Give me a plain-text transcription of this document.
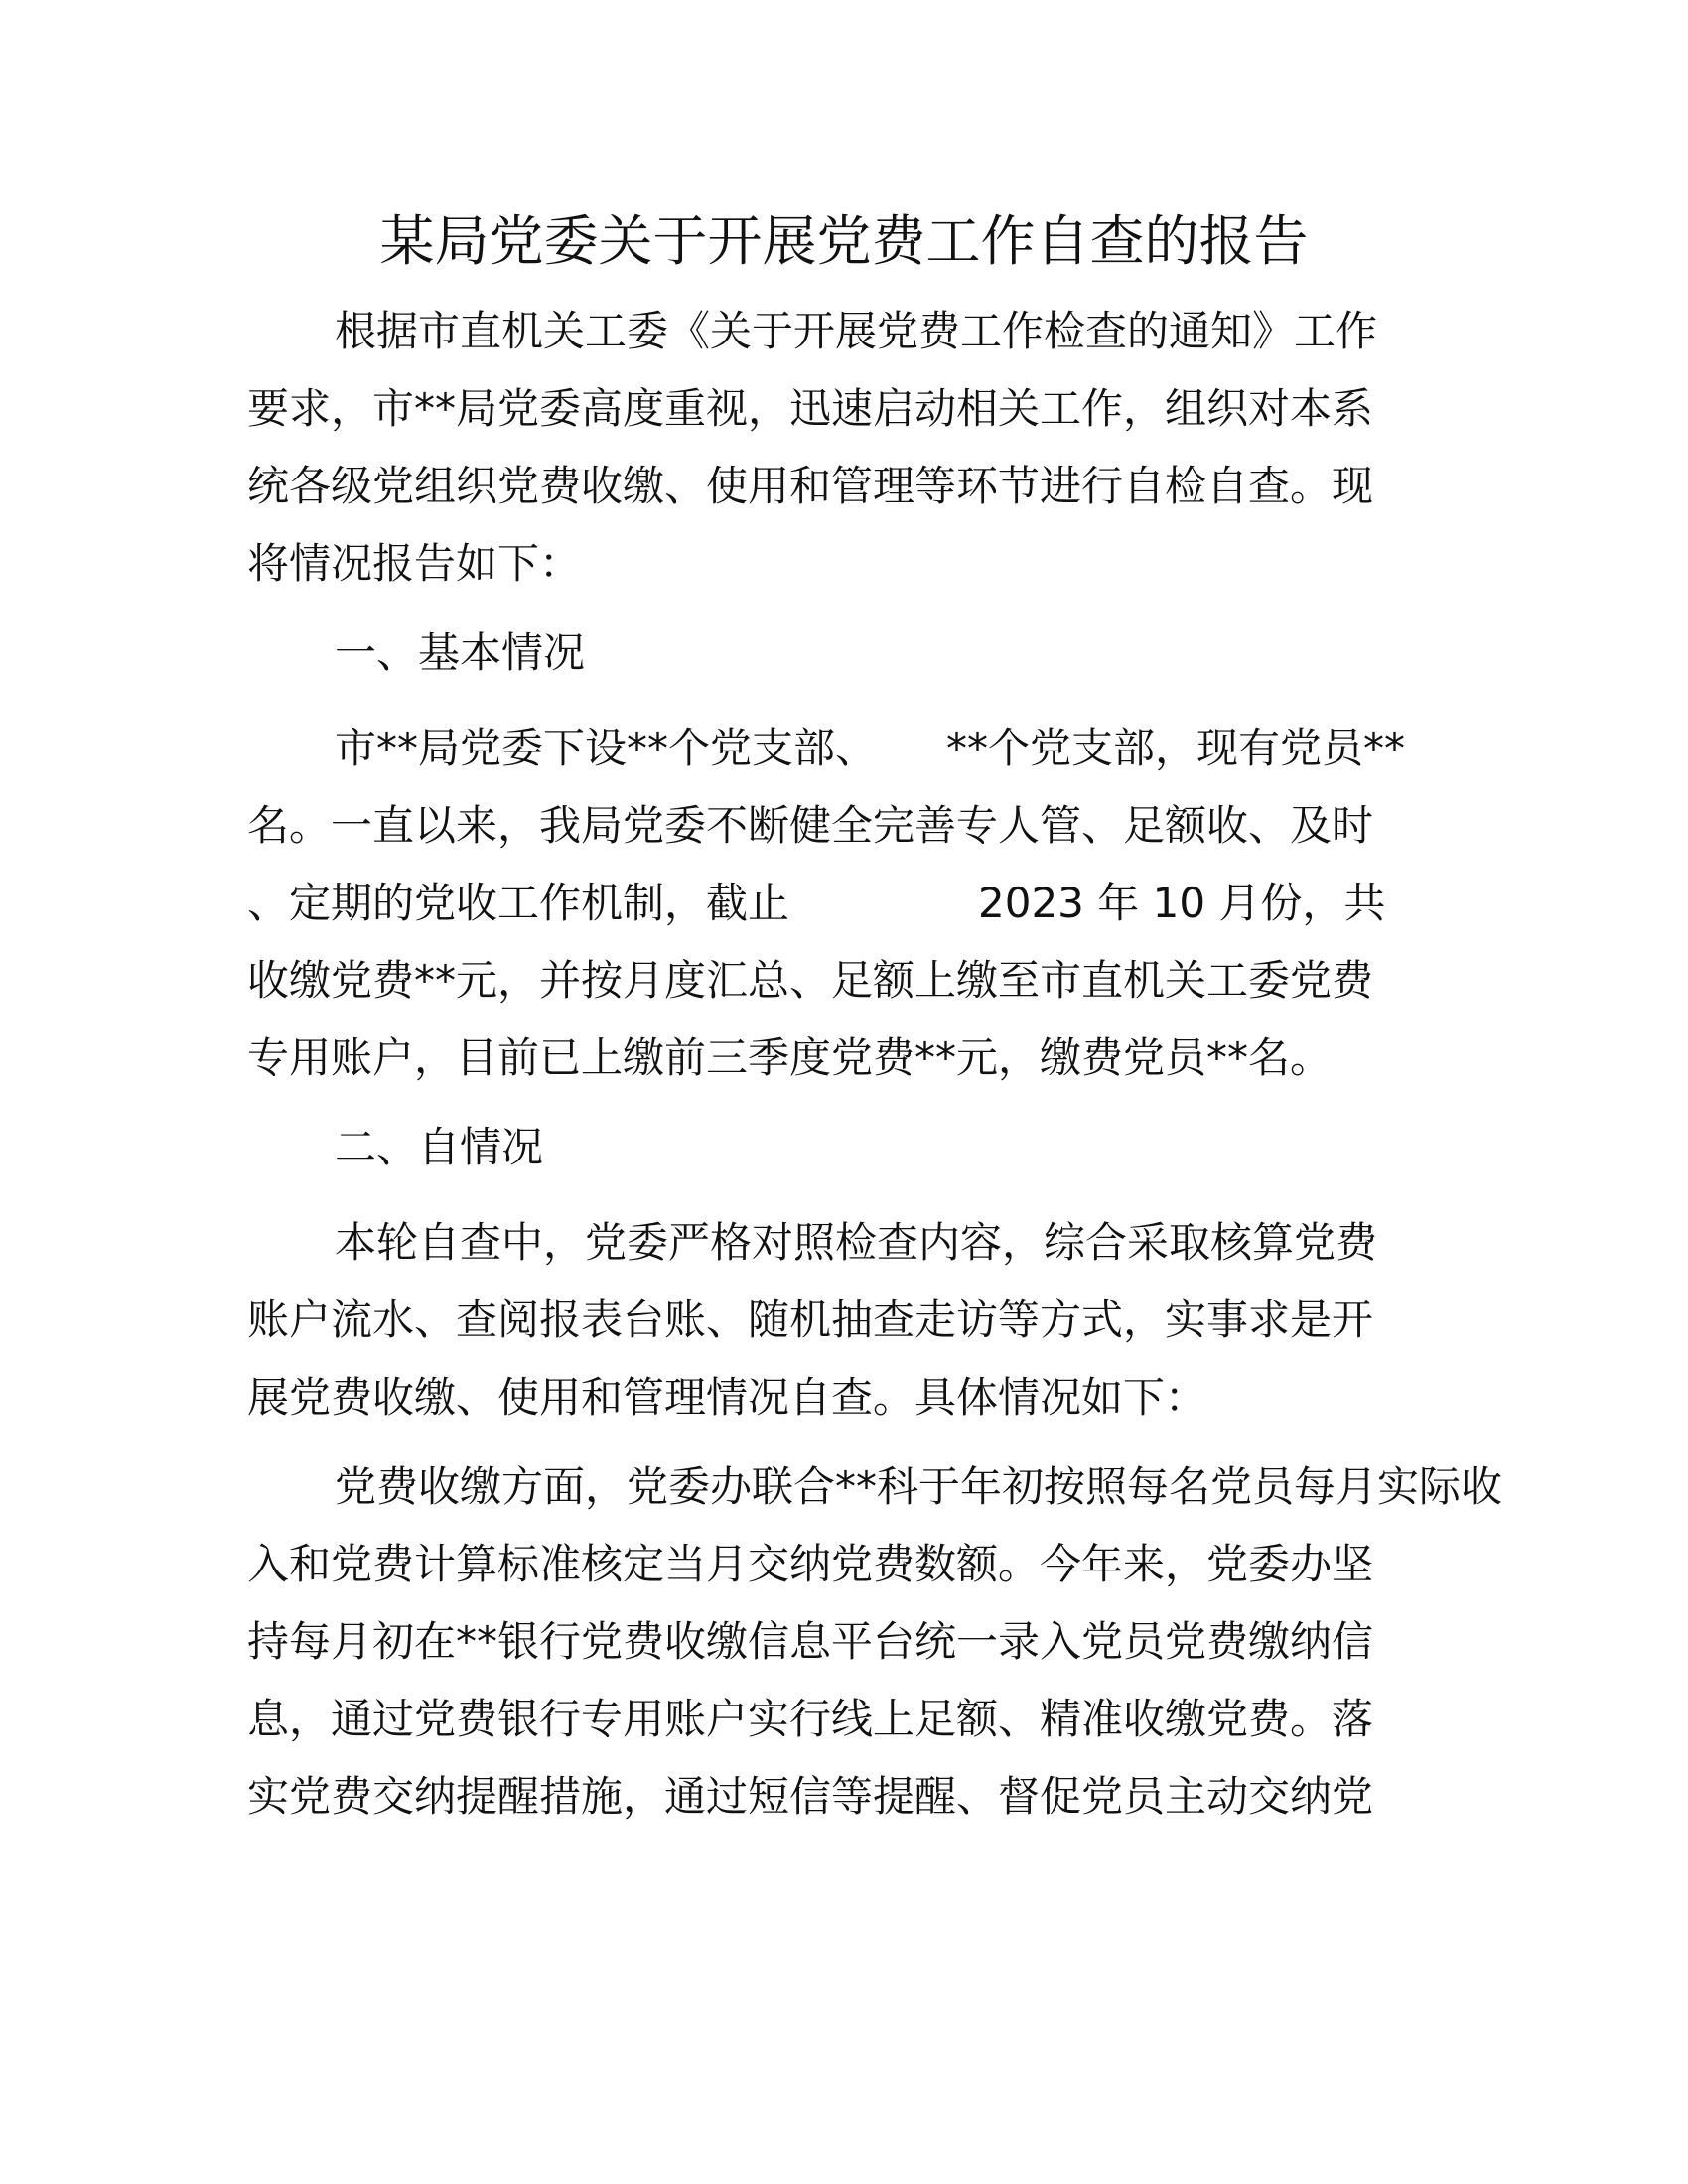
某局党委关于开展党费工作自查的报告
根据市直机关工委《关于开展党费工作检查的通知》工作
要求，市**局党委高度重视，迅速启动相关工作，组织对本系
统各级党组织党费收缴、使用和管理等环节进行自检自查。现
将情况报告如下：
一、基本情况
市**局党委下设**个党支部、 **个党支部，现有党员**
名。一直以来，我局党委不断健全完善专人管、足额收、及时
、定期的党收工作机制，截止	2023 年 10 月份，共
收缴党费**元，并按月度汇总、足额上缴至市直机关工委党费
专用账户，目前已上缴前三季度党费**元，缴费党员**名。
二、自情况
本轮自查中，党委严格对照检查内容，综合采取核算党费
账户流水、查阅报表台账、随机抽查走访等方式，实事求是开
展党费收缴、使用和管理情况自查。具体情况如下：
党费收缴方面，党委办联合**科于年初按照每名党员每月实际收
入和党费计算标准核定当月交纳党费数额。今年来，党委办坚
持每月初在**银行党费收缴信息平台统一录入党员党费缴纳信
息，通过党费银行专用账户实行线上足额、精准收缴党费。落
实党费交纳提醒措施，通过短信等提醒、督促党员主动交纳党
